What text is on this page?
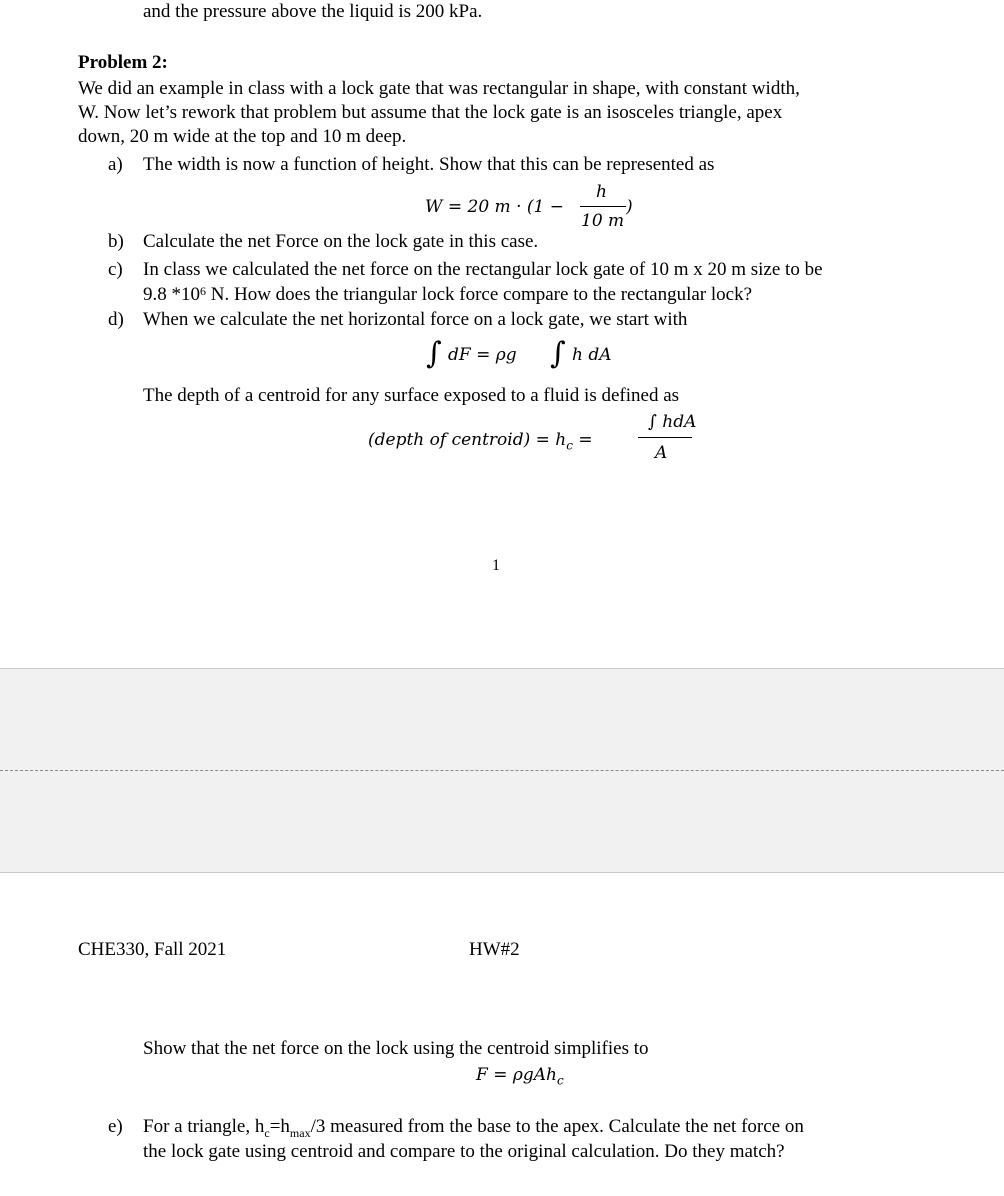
and the pressure above the liquid is 200 kPa.
Problem 2:
We did an example in class with a lock gate that was rectangular in shape, with constant width,
W. Now let’s rework that problem but assume that the lock gate is an isosceles triangle, apex
down, 20 m wide at the top and 10 m deep.
a) The width is now a function of height. Show that this can be represented as
W = 20 m · (1 −
h
10 m
)
b) Calculate the net Force on the lock gate in this case.
c) In class we calculated the net force on the rectangular lock gate of 10 m x 20 m size to be
9.8 $*10^6$ N. How does the triangular lock force compare to the rectangular lock?
d) When we calculate the net horizontal force on a lock gate, we start with
∫ dF = ρg ∫ h dA
The depth of a centroid for any surface exposed to a fluid is defined as
(depth of centroid) = $h_c$ =
∫ hdA
A
1
CHE330, Fall 2021	HW#2
Show that the net force on the lock using the centroid simplifies to
F = ρgAh$_c$
e) For a triangle, $h_c=h_{max}/3$ measured from the base to the apex. Calculate the net force on
the lock gate using centroid and compare to the original calculation. Do they match?
